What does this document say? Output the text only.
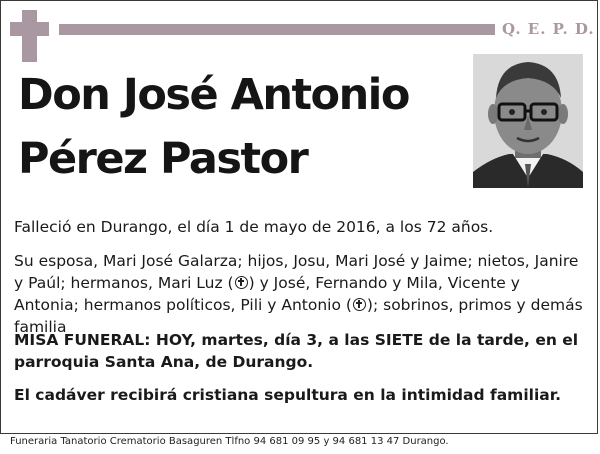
Q. E. P. D.
Don José Antonio
Pérez Pastor
Falleció en Durango, el día 1 de mayo de 2016, a los 72 años.
Su esposa, Mari José Galarza; hijos, Josu, Mari José y Jaime; nietos, Janire y Paúl; hermanos, Mari Luz ( ) y José, Fernando y Mila, Vicente y Antonia; hermanos políticos, Pili y Antonio ( ); sobrinos, primos y demás familia
MISA FUNERAL: HOY, martes, día 3, a las SIETE de la tarde, en el parroquia Santa Ana, de Durango.
El cadáver recibirá cristiana sepultura en la intimidad familiar.
Funeraria Tanatorio Crematorio Basaguren Tlfno 94 681 09 95 y 94 681 13 47 Durango.
